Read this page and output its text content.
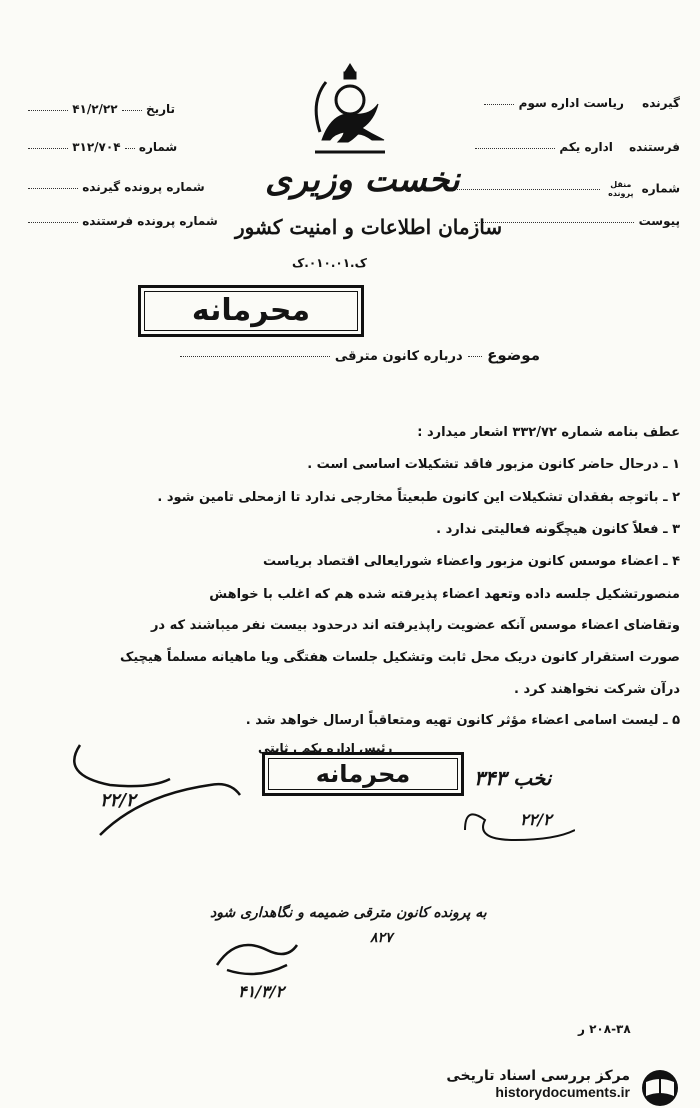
گیرنده ریاست اداره سوم
فرستنده اداره یکم
شماره منقل
پرونده
پیوست
تاریخ  ۴۱/۲/۲۲
شماره  ۳۱۲/۷۰۴
شماره پرونده گیرنده
شماره پرونده فرستنده
نخست وزیری
سازمان اطلاعات و امنیت کشور
ک.۰۱۰.۰۱.ک
محرمانه
موضوع  درباره کانون مترقی
عطف بنامه شماره ۳۳۲/۷۲ اشعار میدارد :
۱ ـ درحال حاضر کانون مزبور فاقد تشکیلات اساسی است .
۲ ـ باتوجه بفقدان تشکیلات این کانون طبعیتاً مخارجی ندارد تا ازمحلی تامین شود .
۳ ـ فعلاً کانون هیچگونه فعالیتی ندارد .
۴ ـ اعضاء موسس کانون مزبور واعضاء شورایعالی اقتصاد بریاست
منصورتشکیل جلسه داده وتعهد اعضاء پذیرفته شده هم که اغلب با خواهش
وتقاضای اعضاء موسس آنکه عضویت راپذیرفته اند درحدود بیست نفر میباشند که در
صورت استقرار کانون دریک محل ثابت وتشکیل جلسات هفتگی ویا ماهیانه مسلماً هیچیک
درآن شرکت نخواهند کرد .
۵ ـ لیست اسامی اعضاء مؤثر کانون تهیه ومتعاقباً ارسال خواهد شد .
رئیس اداره یکم . ثابتی
محرمانه	نخب ۳۴۳
۲۲/۲
۲۲/۲
به پرونده کانون مترقی ضمیمه و نگاهداری شود
۸۲۷
۴۱/۳/۲
۲۰۸-۳۸ ر
مرکز بررسی اسناد تاریخی
historydocuments.ir
